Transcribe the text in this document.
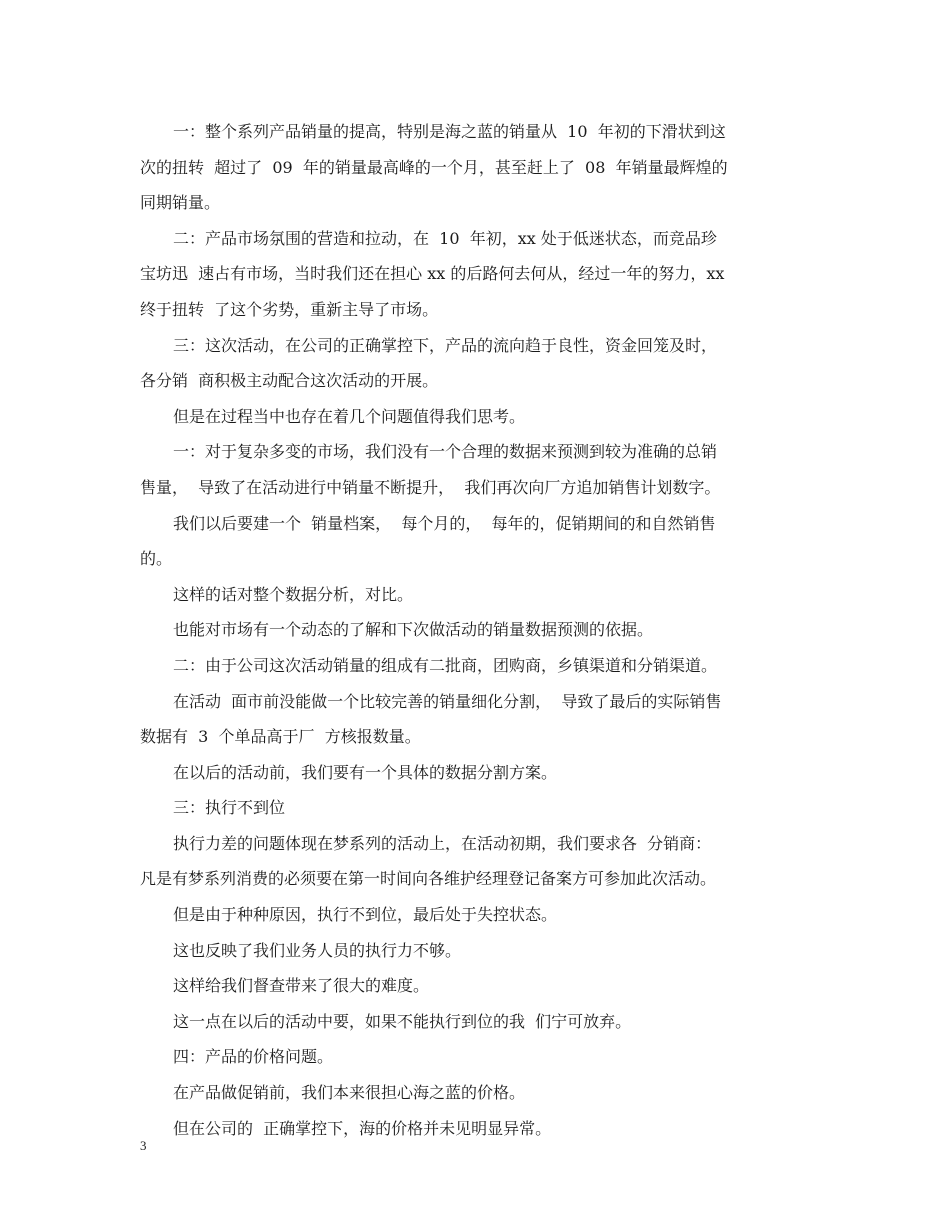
一：整个系列产品销量的提高，特别是海之蓝的销量从  10  年初的下滑状到这
次的扭转  超过了  09  年的销量最高峰的一个月，甚至赶上了  08  年销量最辉煌的
同期销量。
二：产品市场氛围的营造和拉动，在  10  年初，xx 处于低迷状态，而竞品珍
宝坊迅  速占有市场，当时我们还在担心 xx 的后路何去何从，经过一年的努力，xx
终于扭转  了这个劣势，重新主导了市场。
三：这次活动，在公司的正确掌控下，产品的流向趋于良性，资金回笼及时，
各分销  商积极主动配合这次活动的开展。
但是在过程当中也存在着几个问题值得我们思考。
一：对于复杂多变的市场，我们没有一个合理的数据来预测到较为准确的总销
售量，  导致了在活动进行中销量不断提升，  我们再次向厂方追加销售计划数字。
我们以后要建一个  销量档案，  每个月的，  每年的，促销期间的和自然销售
的。
这样的话对整个数据分析，对比。
也能对市场有一个动态的了解和下次做活动的销量数据预测的依据。
二：由于公司这次活动销量的组成有二批商，团购商，乡镇渠道和分销渠道。
在活动  面市前没能做一个比较完善的销量细化分割，  导致了最后的实际销售
数据有  3  个单品高于厂  方核报数量。
在以后的活动前，我们要有一个具体的数据分割方案。
三：执行不到位
执行力差的问题体现在梦系列的活动上，在活动初期，我们要求各  分销商：
凡是有梦系列消费的必须要在第一时间向各维护经理登记备案方可参加此次活动。
但是由于种种原因，执行不到位，最后处于失控状态。
这也反映了我们业务人员的执行力不够。
这样给我们督查带来了很大的难度。
这一点在以后的活动中要，如果不能执行到位的我  们宁可放弃。
四：产品的价格问题。
在产品做促销前，我们本来很担心海之蓝的价格。
但在公司的  正确掌控下，海的价格并未见明显异常。
3
